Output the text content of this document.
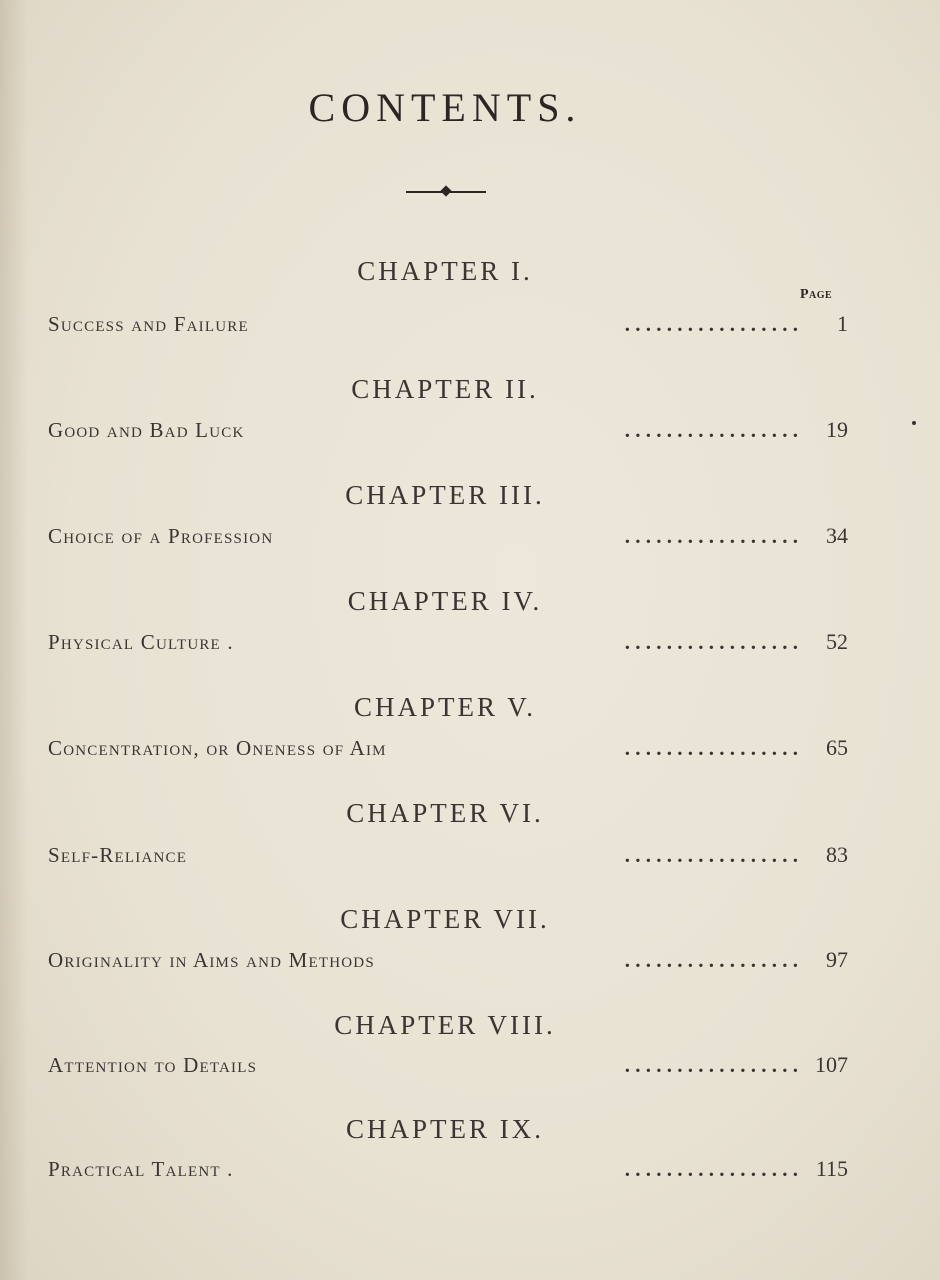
CONTENTS.
Page
CHAPTER I.
Success and Failure	. . . . . . . . . . . . . . . . .	1
CHAPTER II.
Good and Bad Luck	. . . . . . . . . . . . . . . . .	19
CHAPTER III.
Choice of a Profession	. . . . . . . . . . . . . . . . .	34
CHAPTER IV.
Physical Culture .	. . . . . . . . . . . . . . . . .	52
CHAPTER V.
Concentration, or Oneness of Aim	. . . . . . . . . . . . . . . . .	65
CHAPTER VI.
Self-Reliance	. . . . . . . . . . . . . . . . .	83
CHAPTER VII.
Originality in Aims and Methods	. . . . . . . . . . . . . . . . .	97
CHAPTER VIII.
Attention to Details	. . . . . . . . . . . . . . . . . 107
CHAPTER IX.
Practical Talent .	. . . . . . . . . . . . . . . . . 115
